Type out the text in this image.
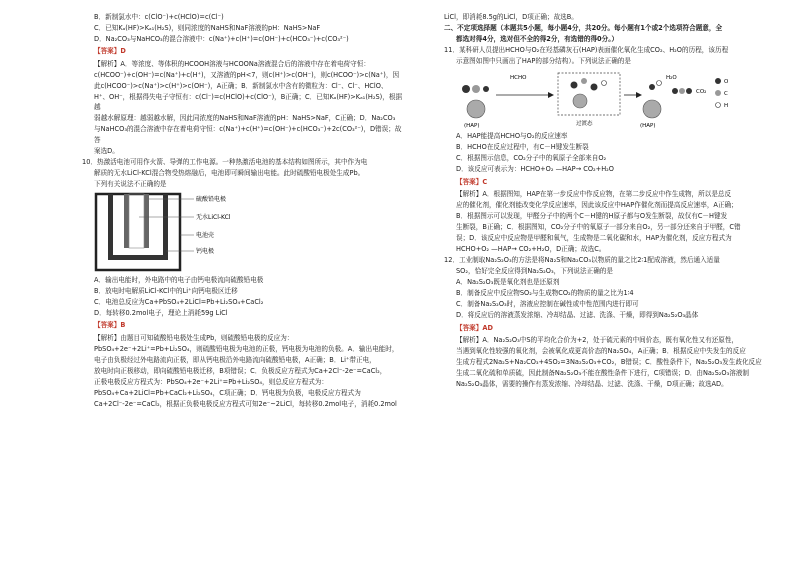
B．新制氯水中：c(ClO⁻)+c(HClO)=c(Cl⁻)

C．已知Kₐ(HF)>Kₐ₁(H₂S)，则同浓度的NaHS和NaF溶液的pH：NaHS>NaF

D．Na₂CO₃与NaHCO₃的混合溶液中：c(Na⁺)+c(H⁺)=c(OH⁻)+c(HCO₃⁻)+c(CO₃²⁻)

【答案】D

【解析】A．等浓度、等体积的HCOOH溶液与HCOONa溶液混合后的溶液中存在着电荷守恒：

c(HCOO⁻)+c(OH⁻)=c(Na⁺)+c(H⁺)，又溶液的pH<7，则c(H⁺)>c(OH⁻)，则c(HCOO⁻)>c(Na⁺)，因

此c(HCOO⁻)>c(Na⁺)>c(H⁺)>c(OH⁻)，A正确；B．新制氯水中含有的微粒为：Cl⁻、Cl⁻、HClO、

H⁺、OH⁻，根据得失电子守恒有：c(Cl⁻)=c(HClO)+c(ClO⁻)，B正确；C．已知Kₐ(HF)>Kₐ₁(H₂S)，根据越

弱越水解原理：越弱越水解，因此同浓度的NaHS和NaF溶液的pH：NaHS>NaF，C正确；D．Na₂CO₃

与NaHCO₃的混合溶液中存在着电荷守恒：c(Na⁺)+c(H⁺)=c(OH⁻)+c(HCO₃⁻)+2c(CO₃²⁻)，D错误；故答

案选D。

10．热激活电池可用作火箭、导弹的工作电源。一种热激活电池的基本结构如图所示，其中作为电

解质的无水LiCl-KCl混合物受热熔融后，电池即可瞬间输出电能。此时硫酸铅电极处生成Pb。

下列有关说法不正确的是

硫酸铅电极
无水LiCl-KCl
电池壳
钙电极

A．输出电能时，外电路中的电子由钙电极流向硫酸铅电极

B．放电时电解质LiCl-KCl中的Li⁺向钙电极区迁移

C．电池总反应为Ca+PbSO₄+2LiCl=Pb+Li₂SO₄+CaCl₂

D．每转移0.2mol电子，理论上消耗59g LiCl

【答案】B

【解析】由题目可知硫酸铅电极处生成Pb，则硫酸铅电极的反应为：

PbSO₄+2e⁻+2Li⁺=Pb+Li₂SO₄，则硫酸铅电极为电池的正极，钙电极为电池的负极。A．输出电能时，

电子由负极经过外电路流向正极，即从钙电极沿外电路流向硫酸铅电极，A正确；B．Li⁺带正电，

放电时向正极移动，即向硫酸铅电极迁移，B项错误；C．负极反应方程式为Ca+2Cl⁻-2e⁻=CaCl₂，

正极电极反应方程式为：PbSO₄+2e⁻+2Li⁺=Pb+Li₂SO₄，则总反应方程式为：

PbSO₄+Ca+2LiCl=Pb+CaCl₂+Li₂SO₄，C项正确；D．钙电极为负极，电极反应方程式为

Ca+2Cl⁻-2e⁻=CaCl₂，根据正负极电极反应方程式可知2e⁻~2LiCl，每转移0.2mol电子，消耗0.2mol

LiCl，即消耗8.5g的LiCl，D项正确；故选B。

二、不定项选择题（本题共5小题，每小题4分，共20分。每小题有1个或2个选项符合题意，全

都选对得4分，选对但不全的得2分，有选错的得0分。）

11．某科研人员提出HCHO与O₂在羟基磷灰石(HAP)表面催化氧化生成CO₂、H₂O的历程，该历程

示意图如图中只画出了HAP的部分结构）。下列说法正确的是

(HAP)
HCHO
过渡态	(HAP)
H₂O
CO₂
O
C
H

A．HAP能提高HCHO与O₂的反应速率

B．HCHO在反应过程中，有C－H键发生断裂

C．根据图示信息，CO₂分子中的氧原子全部来自O₂

D．该反应可表示为：HCHO+O₂ —HAP→ CO₂+H₂O

【答案】C

【解析】A．根据图知，HAP在第一步反应中作反应物，在第二步反应中作生成物，所以是总反

应的催化剂，催化剂能改变化学反应速率，因此该反应中HAP作催化剂而提高反应速率，A正确；

B．根据图示可以发现，甲醛分子中的两个C－H键的H原子都与O发生断裂，故仅有C－H键发

生断裂，B正确；C．根据图知，CO₂分子中的氧原子一部分来自O₂，另一部分还来自于甲醛，C错

误；D．该反应中反应物是甲醛和氧气，生成物是二氧化碳和水，HAP为催化剂，反应方程式为

HCHO+O₂ —HAP→ CO₂+H₂O，D正确；故选C。

12．工业制取Na₂S₂O₃的方法是将Na₂S和Na₂CO₃以物质的量之比2∶1配成溶液，然后通入适量

SO₂，恰好完全反应得到Na₂S₂O₃，下列说法正确的是

A．Na₂S₂O₃既是氧化剂也是还原剂

B．制备反应中反应物SO₂与生成物CO₂的物质的量之比为1∶4

C．制备Na₂S₂O₃时，溶液应控制在碱性或中性范围内进行即可

D．将反应后的溶液蒸发浓缩、冷却结晶、过滤、洗涤、干燥，即得到Na₂S₂O₃晶体

【答案】AD

【解析】A．Na₂S₂O₃中S的平均化合价为+2，处于硫元素的中间价态，既有氧化性又有还原性，

当遇到氧化性较强的氧化剂，会被氧化成更高价态的Na₂SO₄，A正确；B．根据反应中失发生的反应

生成方程式2Na₂S+Na₂CO₃+4SO₂=3Na₂S₂O₃+CO₂，B错误；C．酸性条件下，Na₂S₂O₃发生歧化反应

生成二氧化硫和单质硫，因此制备Na₂S₂O₃不能在酸性条件下进行，C项错误；D．由Na₂S₂O₃溶液制

Na₂S₂O₃晶体，需要的操作有蒸发浓缩、冷却结晶、过滤、洗涤、干燥，D项正确；故选AD。
